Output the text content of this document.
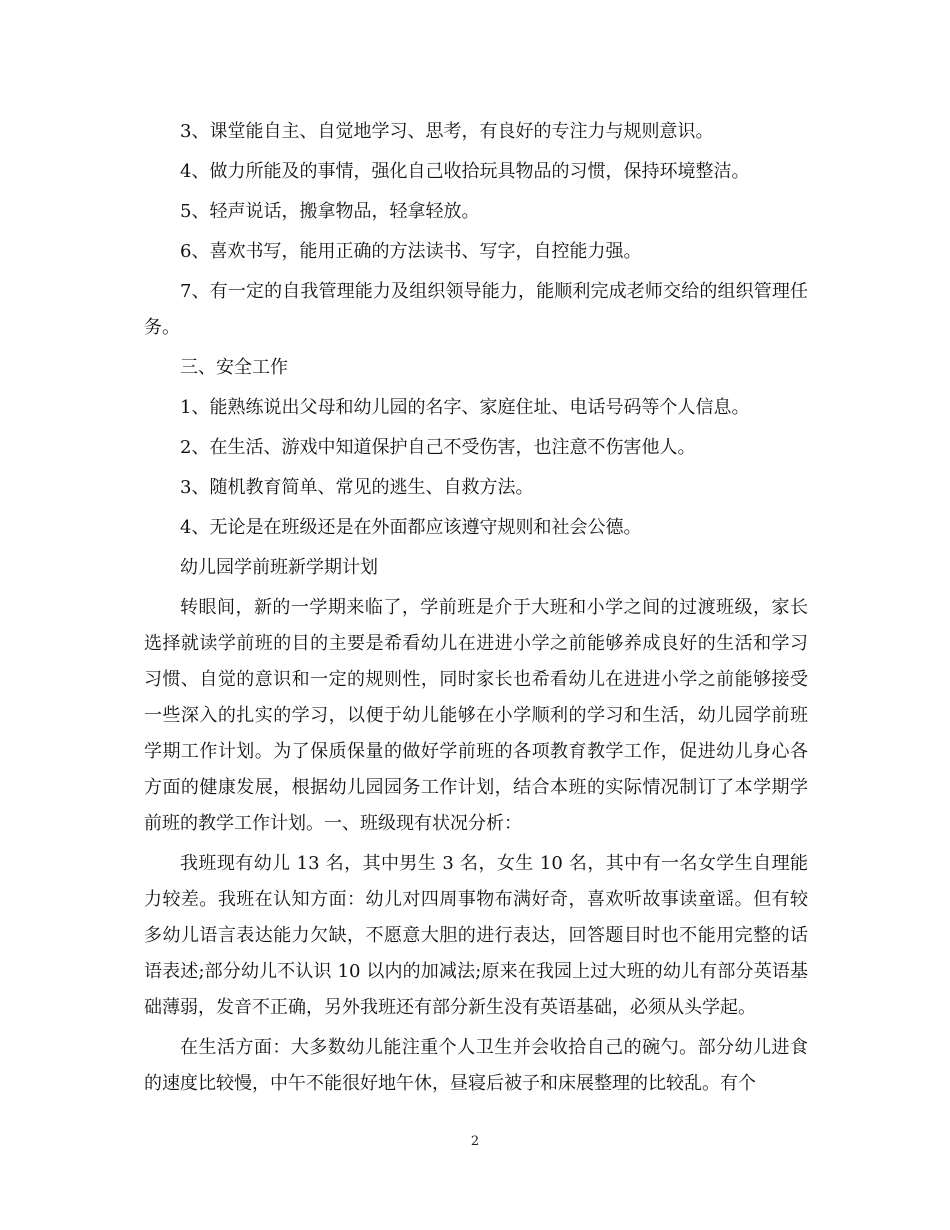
3、课堂能自主、自觉地学习、思考，有良好的专注力与规则意识。

4、做力所能及的事情，强化自己收拾玩具物品的习惯，保持环境整洁。

5、轻声说话，搬拿物品，轻拿轻放。

6、喜欢书写，能用正确的方法读书、写字，自控能力强。

7、有一定的自我管理能力及组织领导能力，能顺利完成老师交给的组织管理任务。

三、安全工作

1、能熟练说出父母和幼儿园的名字、家庭住址、电话号码等个人信息。

2、在生活、游戏中知道保护自己不受伤害，也注意不伤害他人。

3、随机教育简单、常见的逃生、自救方法。

4、无论是在班级还是在外面都应该遵守规则和社会公德。

幼儿园学前班新学期计划

转眼间，新的一学期来临了，学前班是介于大班和小学之间的过渡班级，家长选择就读学前班的目的主要是希看幼儿在进进小学之前能够养成良好的生活和学习习惯、自觉的意识和一定的规则性，同时家长也希看幼儿在进进小学之前能够接受一些深入的扎实的学习，以便于幼儿能够在小学顺利的学习和生活，幼儿园学前班学期工作计划。为了保质保量的做好学前班的各项教育教学工作，促进幼儿身心各方面的健康发展，根据幼儿园园务工作计划，结合本班的实际情况制订了本学期学前班的教学工作计划。一、班级现有状况分析：

我班现有幼儿 13 名，其中男生 3 名，女生 10 名，其中有一名女学生自理能力较差。我班在认知方面：幼儿对四周事物布满好奇，喜欢听故事读童谣。但有较多幼儿语言表达能力欠缺，不愿意大胆的进行表达，回答题目时也不能用完整的话语表述;部分幼儿不认识 10 以内的加减法;原来在我园上过大班的幼儿有部分英语基础薄弱，发音不正确，另外我班还有部分新生没有英语基础，必须从头学起。

在生活方面：大多数幼儿能注重个人卫生并会收拾自己的碗勺。部分幼儿进食的速度比较慢，中午不能很好地午休，昼寝后被子和床展整理的比较乱。有个

2
